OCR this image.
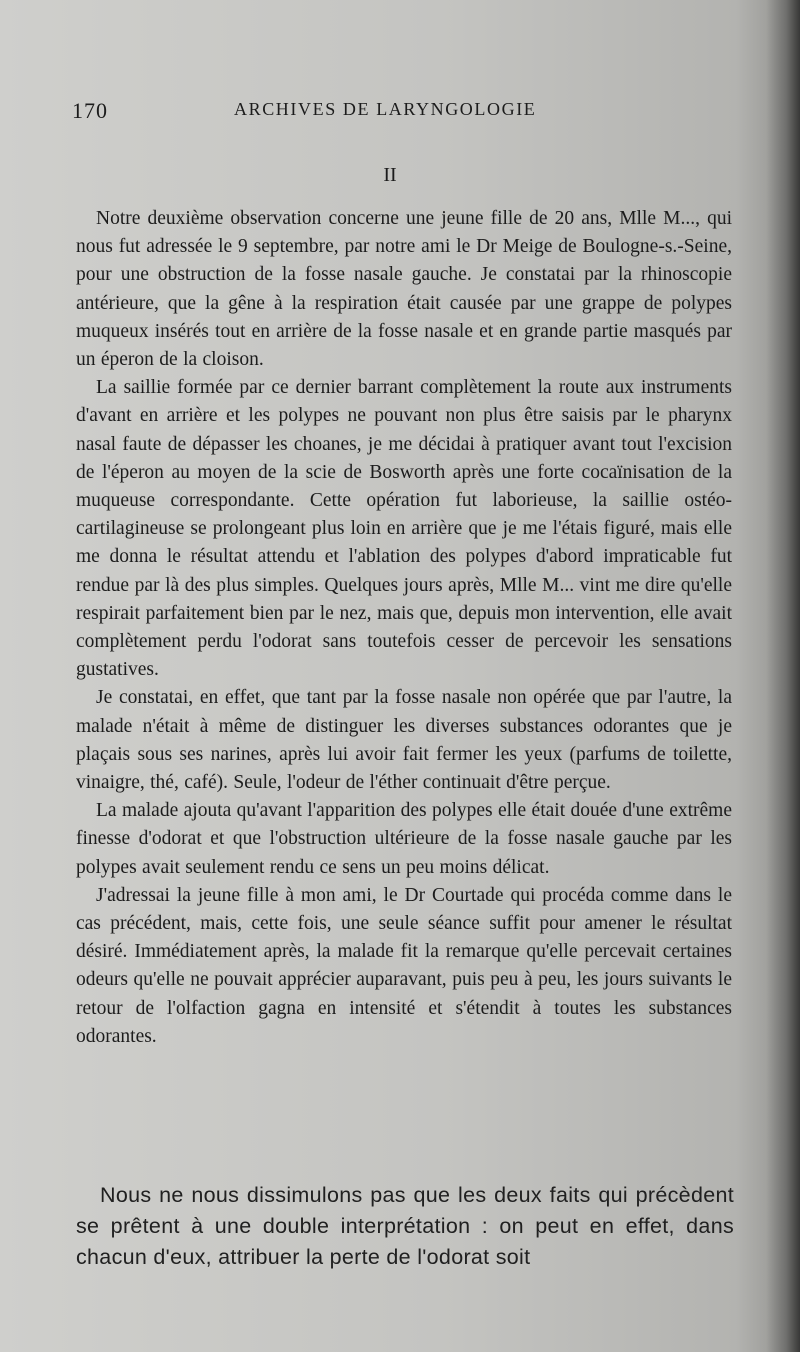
170	ARCHIVES DE LARYNGOLOGIE
II

Notre deuxième observation concerne une jeune fille de 20 ans, Mlle M..., qui nous fut adressée le 9 septembre, par notre ami le Dr Meige de Boulogne-s.-Seine, pour une obstruction de la fosse nasale gauche. Je constatai par la rhinoscopie antérieure, que la gêne à la respiration était causée par une grappe de polypes muqueux insérés tout en arrière de la fosse nasale et en grande partie masqués par un éperon de la cloison.

La saillie formée par ce dernier barrant complètement la route aux instruments d'avant en arrière et les polypes ne pouvant non plus être saisis par le pharynx nasal faute de dépasser les choanes, je me décidai à pratiquer avant tout l'excision de l'éperon au moyen de la scie de Bosworth après une forte cocaïnisation de la muqueuse correspondante. Cette opération fut laborieuse, la saillie ostéo-cartilagineuse se prolongeant plus loin en arrière que je me l'étais figuré, mais elle me donna le résultat attendu et l'ablation des polypes d'abord impraticable fut rendue par là des plus simples. Quelques jours après, Mlle M... vint me dire qu'elle respirait parfaitement bien par le nez, mais que, depuis mon intervention, elle avait complètement perdu l'odorat sans toutefois cesser de percevoir les sensations gustatives.

Je constatai, en effet, que tant par la fosse nasale non opérée que par l'autre, la malade n'était à même de distinguer les diverses substances odorantes que je plaçais sous ses narines, après lui avoir fait fermer les yeux (parfums de toilette, vinaigre, thé, café). Seule, l'odeur de l'éther continuait d'être perçue.

La malade ajouta qu'avant l'apparition des polypes elle était douée d'une extrême finesse d'odorat et que l'obstruction ultérieure de la fosse nasale gauche par les polypes avait seulement rendu ce sens un peu moins délicat.

J'adressai la jeune fille à mon ami, le Dr Courtade qui procéda comme dans le cas précédent, mais, cette fois, une seule séance suffit pour amener le résultat désiré. Immédiatement après, la malade fit la remarque qu'elle percevait certaines odeurs qu'elle ne pouvait apprécier auparavant, puis peu à peu, les jours suivants le retour de l'olfaction gagna en intensité et s'étendit à toutes les substances odorantes.

Nous ne nous dissimulons pas que les deux faits qui précèdent se prêtent à une double interprétation : on peut en effet, dans chacun d'eux, attribuer la perte de l'odorat soit
